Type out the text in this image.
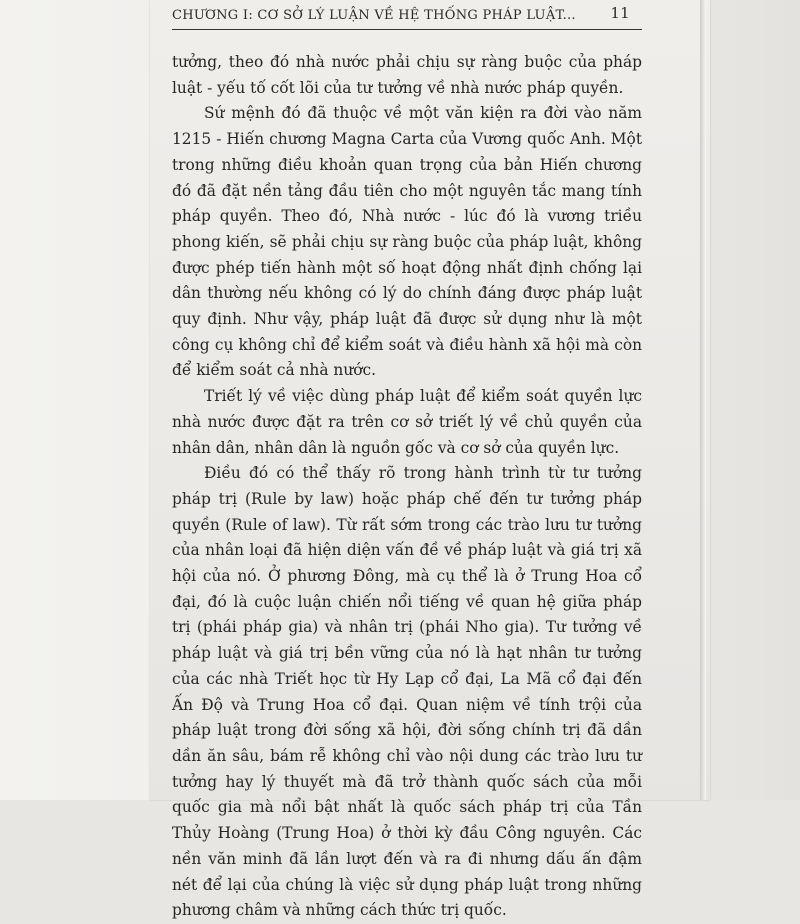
CHƯƠNG I: CƠ SỞ LÝ LUẬN VỀ HỆ THỐNG PHÁP LUẬT... 11

tưởng, theo đó nhà nước phải chịu sự ràng buộc của pháp luật - yếu tố cốt lõi của tư tưởng về nhà nước pháp quyền.

Sứ mệnh đó đã thuộc về một văn kiện ra đời vào năm 1215 - Hiến chương Magna Carta của Vương quốc Anh. Một trong những điều khoản quan trọng của bản Hiến chương đó đã đặt nền tảng đầu tiên cho một nguyên tắc mang tính pháp quyền. Theo đó, Nhà nước - lúc đó là vương triều phong kiến, sẽ phải chịu sự ràng buộc của pháp luật, không được phép tiến hành một số hoạt động nhất định chống lại dân thường nếu không có lý do chính đáng được pháp luật quy định. Như vậy, pháp luật đã được sử dụng như là một công cụ không chỉ để kiểm soát và điều hành xã hội mà còn để kiểm soát cả nhà nước.

Triết lý về việc dùng pháp luật để kiểm soát quyền lực nhà nước được đặt ra trên cơ sở triết lý về chủ quyền của nhân dân, nhân dân là nguồn gốc và cơ sở của quyền lực.

Điều đó có thể thấy rõ trong hành trình từ tư tưởng pháp trị (Rule by law) hoặc pháp chế đến tư tưởng pháp quyền (Rule of law). Từ rất sớm trong các trào lưu tư tưởng của nhân loại đã hiện diện vấn đề về pháp luật và giá trị xã hội của nó. Ở phương Đông, mà cụ thể là ở Trung Hoa cổ đại, đó là cuộc luận chiến nổi tiếng về quan hệ giữa pháp trị (phái pháp gia) và nhân trị (phái Nho gia). Tư tưởng về pháp luật và giá trị bền vững của nó là hạt nhân tư tưởng của các nhà Triết học từ Hy Lạp cổ đại, La Mã cổ đại đến Ấn Độ và Trung Hoa cổ đại. Quan niệm về tính trội của pháp luật trong đời sống xã hội, đời sống chính trị đã dần dần ăn sâu, bám rễ không chỉ vào nội dung các trào lưu tư tưởng hay lý thuyết mà đã trở thành quốc sách của mỗi quốc gia mà nổi bật nhất là quốc sách pháp trị của Tần Thủy Hoàng (Trung Hoa) ở thời kỳ đầu Công nguyên. Các nền văn minh đã lần lượt đến và ra đi nhưng dấu ấn đậm nét để lại của chúng là việc sử dụng pháp luật trong những phương châm và những cách thức trị quốc.
